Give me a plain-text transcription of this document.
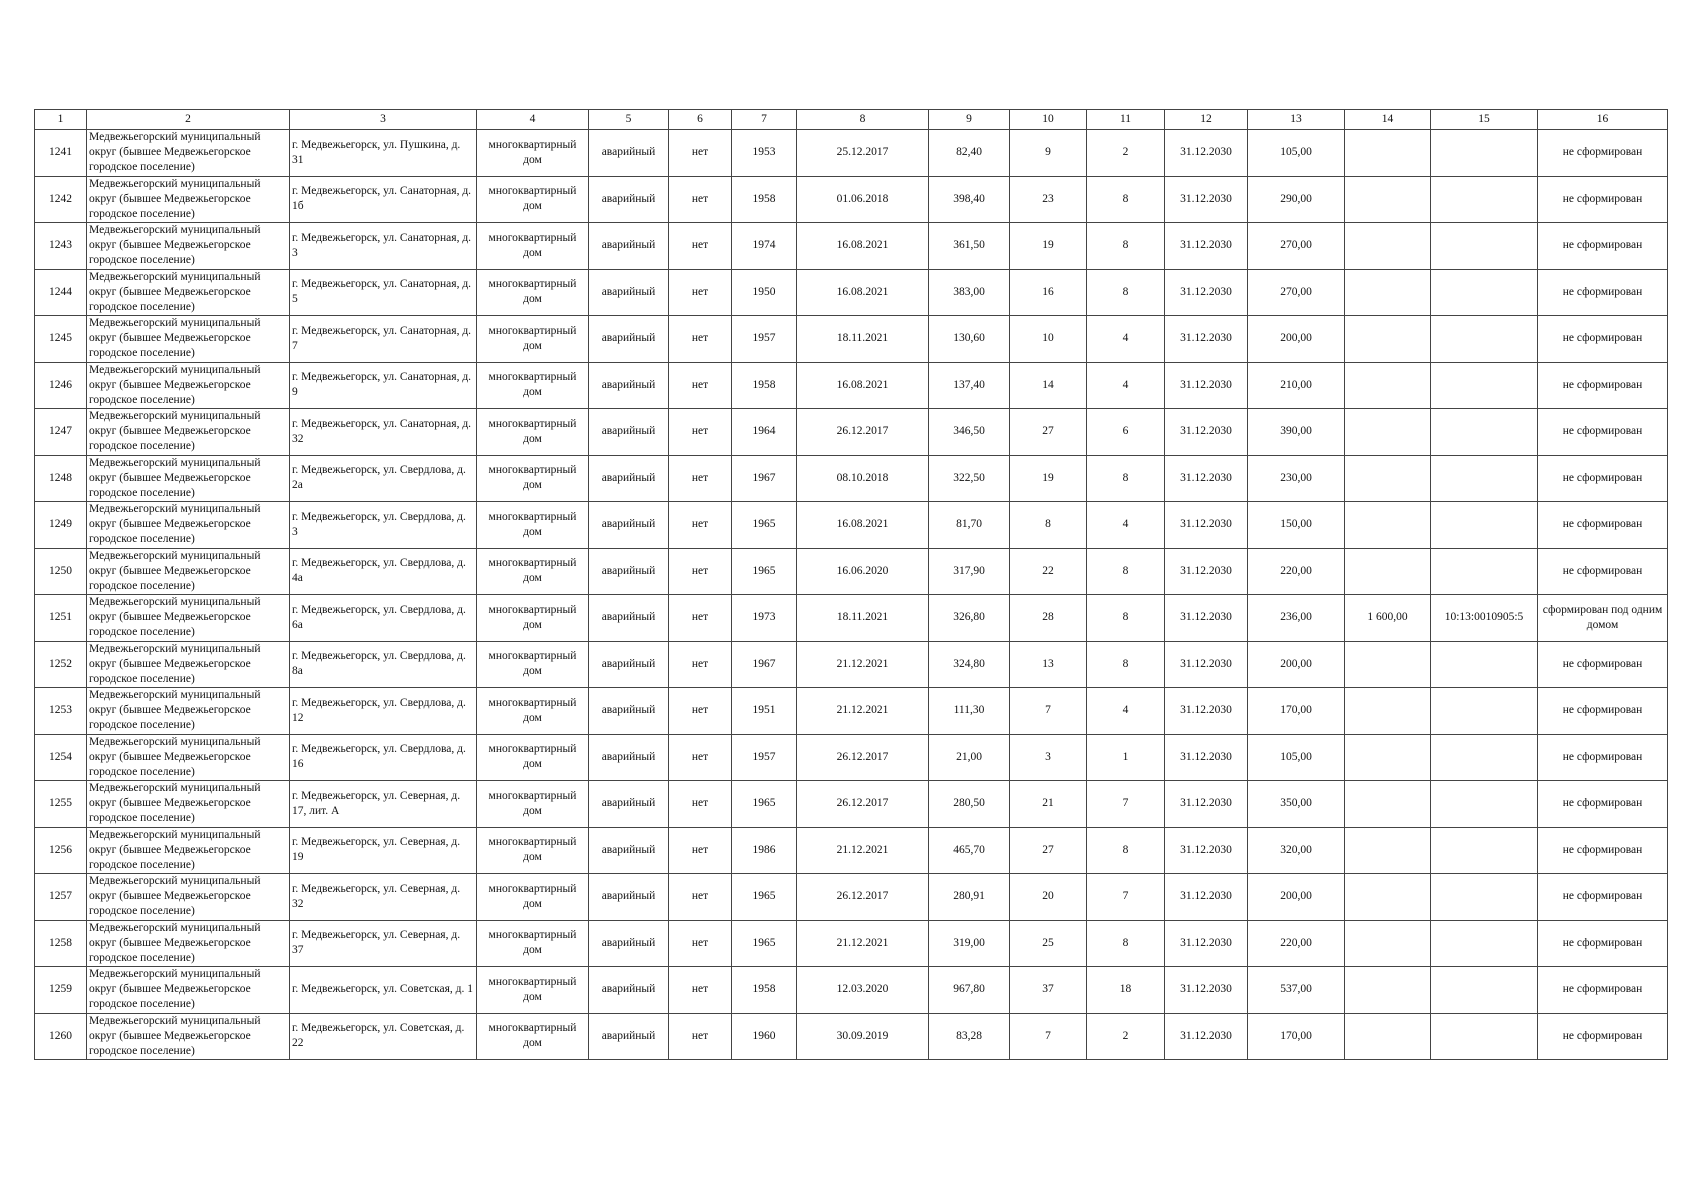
1	2	3	4	5	6	7	8	9	10	11	12	13	14	15	16
1241	Медвежьегорский муниципальный округ (бывшее Медвежьегорское городское поселение)	г. Медвежьегорск, ул. Пушкина, д. 31	многоквартирный дом	аварийный	нет	1953	25.12.2017	82,40	9	2	31.12.2030	105,00			не сформирован
1242	Медвежьегорский муниципальный округ (бывшее Медвежьегорское городское поселение)	г. Медвежьегорск, ул. Санаторная, д. 1б	многоквартирный дом	аварийный	нет	1958	01.06.2018	398,40	23	8	31.12.2030	290,00			не сформирован
1243	Медвежьегорский муниципальный округ (бывшее Медвежьегорское городское поселение)	г. Медвежьегорск, ул. Санаторная, д. 3	многоквартирный дом	аварийный	нет	1974	16.08.2021	361,50	19	8	31.12.2030	270,00			не сформирован
1244	Медвежьегорский муниципальный округ (бывшее Медвежьегорское городское поселение)	г. Медвежьегорск, ул. Санаторная, д. 5	многоквартирный дом	аварийный	нет	1950	16.08.2021	383,00	16	8	31.12.2030	270,00			не сформирован
1245	Медвежьегорский муниципальный округ (бывшее Медвежьегорское городское поселение)	г. Медвежьегорск, ул. Санаторная, д. 7	многоквартирный дом	аварийный	нет	1957	18.11.2021	130,60	10	4	31.12.2030	200,00			не сформирован
1246	Медвежьегорский муниципальный округ (бывшее Медвежьегорское городское поселение)	г. Медвежьегорск, ул. Санаторная, д. 9	многоквартирный дом	аварийный	нет	1958	16.08.2021	137,40	14	4	31.12.2030	210,00			не сформирован
1247	Медвежьегорский муниципальный округ (бывшее Медвежьегорское городское поселение)	г. Медвежьегорск, ул. Санаторная, д. 32	многоквартирный дом	аварийный	нет	1964	26.12.2017	346,50	27	6	31.12.2030	390,00			не сформирован
1248	Медвежьегорский муниципальный округ (бывшее Медвежьегорское городское поселение)	г. Медвежьегорск, ул. Свердлова, д. 2а	многоквартирный дом	аварийный	нет	1967	08.10.2018	322,50	19	8	31.12.2030	230,00			не сформирован
1249	Медвежьегорский муниципальный округ (бывшее Медвежьегорское городское поселение)	г. Медвежьегорск, ул. Свердлова, д. 3	многоквартирный дом	аварийный	нет	1965	16.08.2021	81,70	8	4	31.12.2030	150,00			не сформирован
1250	Медвежьегорский муниципальный округ (бывшее Медвежьегорское городское поселение)	г. Медвежьегорск, ул. Свердлова, д. 4а	многоквартирный дом	аварийный	нет	1965	16.06.2020	317,90	22	8	31.12.2030	220,00			не сформирован
1251	Медвежьегорский муниципальный округ (бывшее Медвежьегорское городское поселение)	г. Медвежьегорск, ул. Свердлова, д. 6а	многоквартирный дом	аварийный	нет	1973	18.11.2021	326,80	28	8	31.12.2030	236,00	1 600,00	10:13:0010905:5	сформирован под одним домом
1252	Медвежьегорский муниципальный округ (бывшее Медвежьегорское городское поселение)	г. Медвежьегорск, ул. Свердлова, д. 8а	многоквартирный дом	аварийный	нет	1967	21.12.2021	324,80	13	8	31.12.2030	200,00			не сформирован
1253	Медвежьегорский муниципальный округ (бывшее Медвежьегорское городское поселение)	г. Медвежьегорск, ул. Свердлова, д. 12	многоквартирный дом	аварийный	нет	1951	21.12.2021	111,30	7	4	31.12.2030	170,00			не сформирован
1254	Медвежьегорский муниципальный округ (бывшее Медвежьегорское городское поселение)	г. Медвежьегорск, ул. Свердлова, д. 16	многоквартирный дом	аварийный	нет	1957	26.12.2017	21,00	3	1	31.12.2030	105,00			не сформирован
1255	Медвежьегорский муниципальный округ (бывшее Медвежьегорское городское поселение)	г. Медвежьегорск, ул. Северная, д. 17, лит. А	многоквартирный дом	аварийный	нет	1965	26.12.2017	280,50	21	7	31.12.2030	350,00			не сформирован
1256	Медвежьегорский муниципальный округ (бывшее Медвежьегорское городское поселение)	г. Медвежьегорск, ул. Северная, д. 19	многоквартирный дом	аварийный	нет	1986	21.12.2021	465,70	27	8	31.12.2030	320,00			не сформирован
1257	Медвежьегорский муниципальный округ (бывшее Медвежьегорское городское поселение)	г. Медвежьегорск, ул. Северная, д. 32	многоквартирный дом	аварийный	нет	1965	26.12.2017	280,91	20	7	31.12.2030	200,00			не сформирован
1258	Медвежьегорский муниципальный округ (бывшее Медвежьегорское городское поселение)	г. Медвежьегорск, ул. Северная, д. 37	многоквартирный дом	аварийный	нет	1965	21.12.2021	319,00	25	8	31.12.2030	220,00			не сформирован
1259	Медвежьегорский муниципальный округ (бывшее Медвежьегорское городское поселение)	г. Медвежьегорск, ул. Советская, д. 1	многоквартирный дом	аварийный	нет	1958	12.03.2020	967,80	37	18	31.12.2030	537,00			не сформирован
1260	Медвежьегорский муниципальный округ (бывшее Медвежьегорское городское поселение)	г. Медвежьегорск, ул. Советская, д. 22	многоквартирный дом	аварийный	нет	1960	30.09.2019	83,28	7	2	31.12.2030	170,00			не сформирован
